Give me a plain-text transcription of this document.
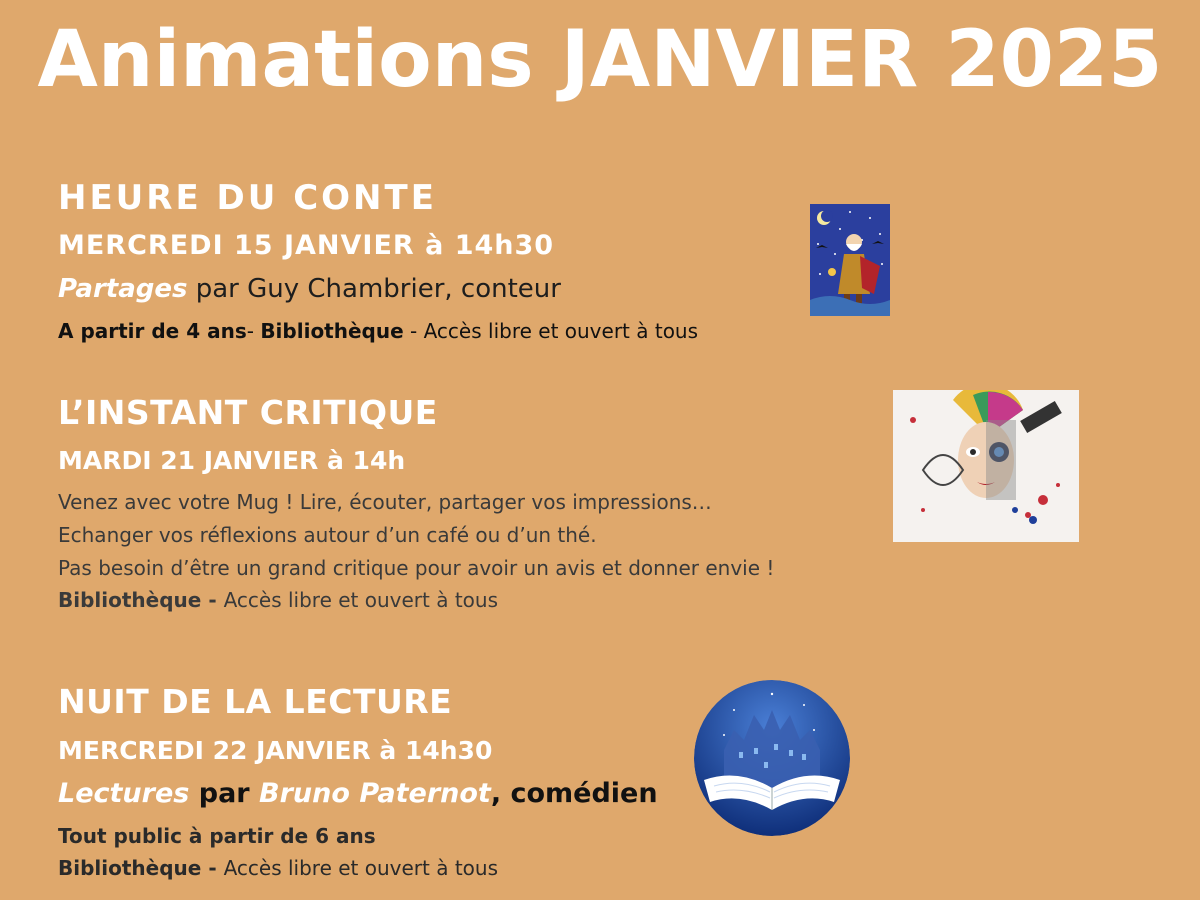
Animations JANVIER 2025
HEURE DU CONTE
MERCREDI 15 JANVIER à 14h30
Partages par Guy Chambrier, conteur
A partir de 4 ans- Bibliothèque - Accès libre et ouvert à tous
L’INSTANT CRITIQUE
MARDI 21 JANVIER à 14h
Venez avec votre Mug ! Lire, écouter, partager vos impressions…
Echanger vos réflexions autour d’un café ou d’un thé.
Pas besoin d’être un grand critique pour avoir un avis et donner envie !
Bibliothèque - Accès libre et ouvert à tous
NUIT DE LA LECTURE
MERCREDI 22 JANVIER à 14h30
Lectures par Bruno Paternot, comédien
Tout public à partir de 6 ans
Bibliothèque - Accès libre et ouvert à tous
